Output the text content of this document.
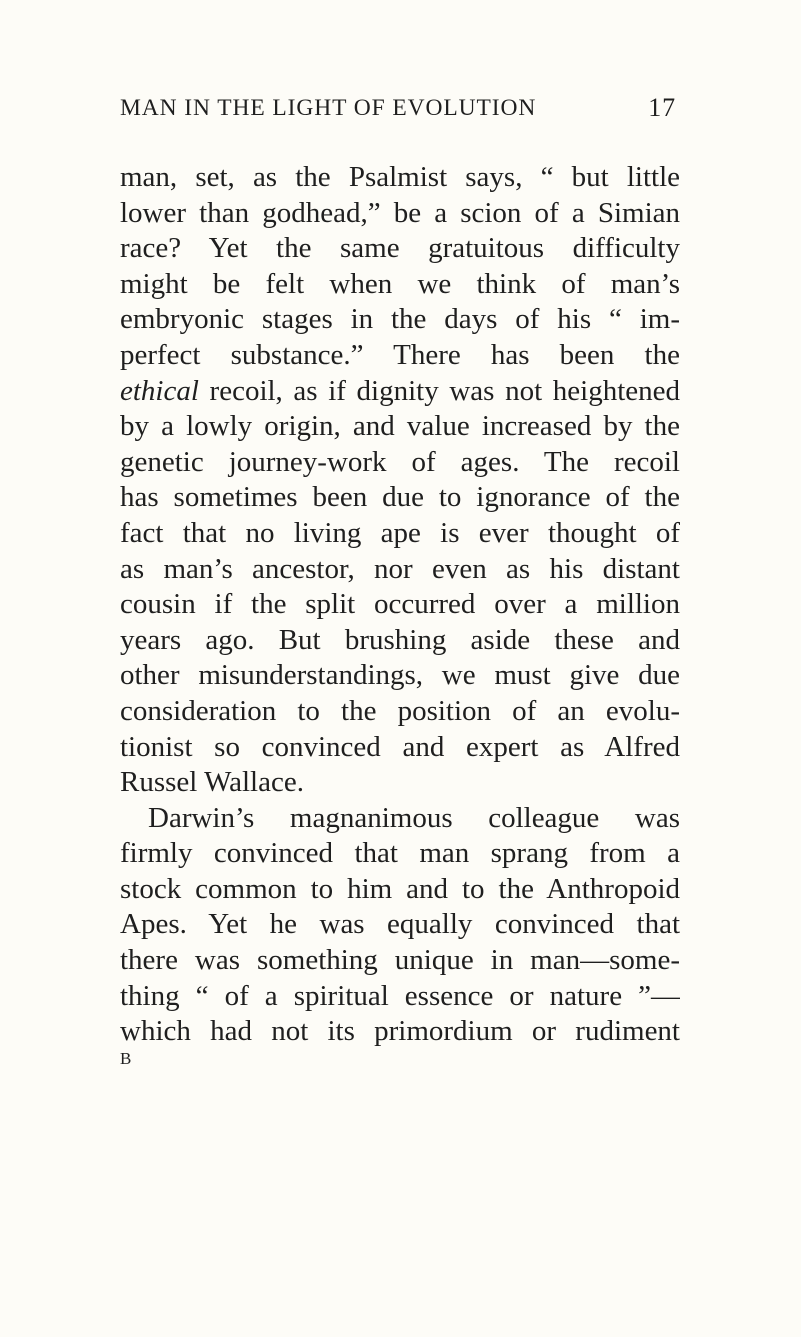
MAN IN THE LIGHT OF EVOLUTION	17
man, set, as the Psalmist says, “ but little
lower than godhead,” be a scion of a Simian
race? Yet the same gratuitous difficulty
might be felt when we think of man’s
embryonic stages in the days of his “ im-
perfect substance.” There has been the
ethical recoil, as if dignity was not heightened
by a lowly origin, and value increased by the
genetic journey-work of ages. The recoil
has sometimes been due to ignorance of the
fact that no living ape is ever thought of
as man’s ancestor, nor even as his distant
cousin if the split occurred over a million
years ago. But brushing aside these and
other misunderstandings, we must give due
consideration to the position of an evolu-
tionist so convinced and expert as Alfred
Russel Wallace.
Darwin’s magnanimous colleague was
firmly convinced that man sprang from a
stock common to him and to the Anthropoid
Apes. Yet he was equally convinced that
there was something unique in man—some-
thing “ of a spiritual essence or nature ”—
which had not its primordium or rudiment
B
